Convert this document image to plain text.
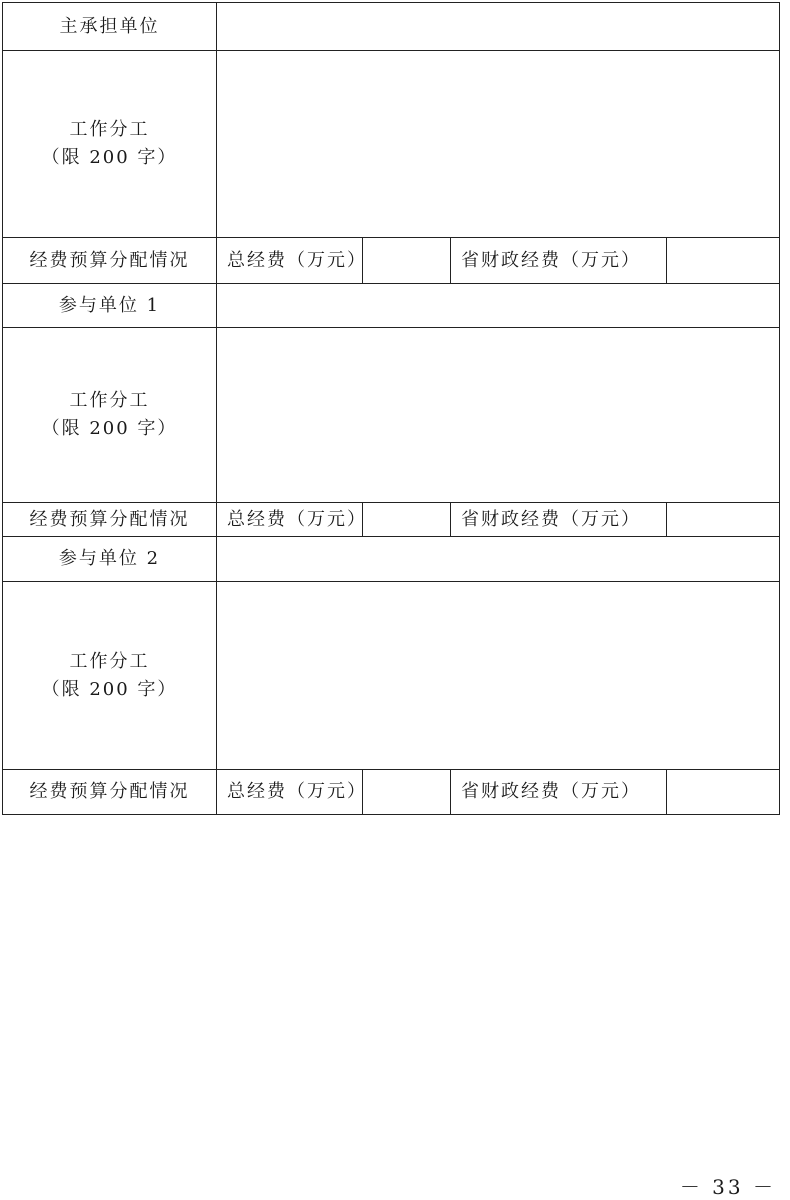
主承担单位				

工作分工
（限 200 字）				

经费预算分配情况	总经费（万元）		省财政经费（万元）	
参与单位 1				

工作分工
（限 200 字）				

经费预算分配情况	总经费（万元）		省财政经费（万元）	
参与单位 2				

工作分工
（限 200 字）				

经费预算分配情况	总经费（万元）		省财政经费（万元）	
－ 33 －
